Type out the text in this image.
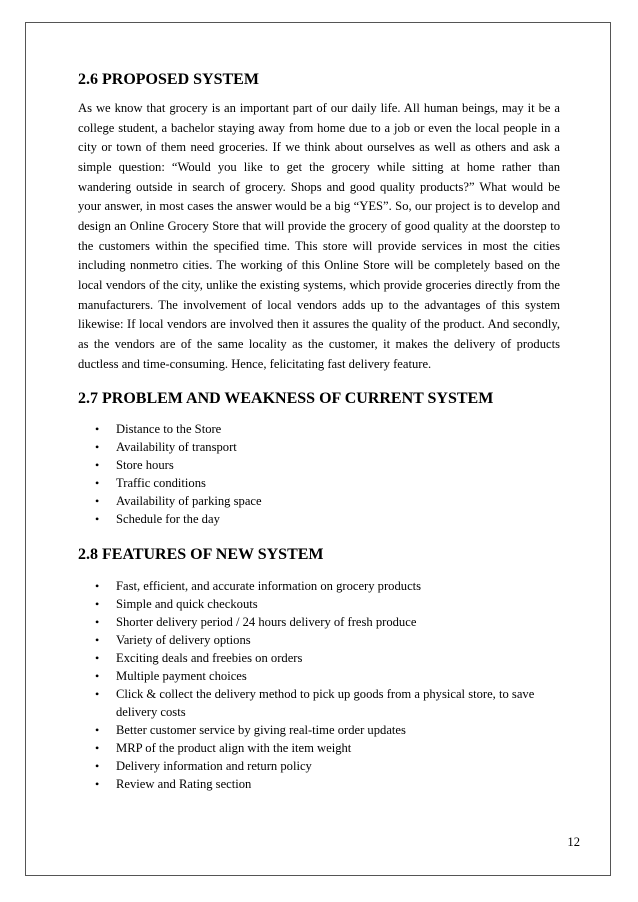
2.6 PROPOSED SYSTEM

As we know that grocery is an important part of our daily life. All human beings, may it be a college student, a bachelor staying away from home due to a job or even the local people in a city or town of them need groceries. If we think about ourselves as well as others and ask a simple question: “Would you like to get the grocery while sitting at home rather than wandering outside in search of grocery. Shops and good quality products?” What would be your answer, in most cases the answer would be a big “YES”. So, our project is to develop and design an Online Grocery Store that will provide the grocery of good quality at the doorstep to the customers within the specified time. This store will provide services in most the cities including nonmetro cities. The working of this Online Store will be completely based on the local vendors of the city, unlike the existing systems, which provide groceries directly from the manufacturers. The involvement of local vendors adds up to the advantages of this system likewise: If local vendors are involved then it assures the quality of the product. And secondly, as the vendors are of the same locality as the customer, it makes the delivery of products ductless and time-consuming. Hence, felicitating fast delivery feature.

2.7 PROBLEM AND WEAKNESS OF CURRENT SYSTEM
• Distance to the Store
• Availability of transport
• Store hours
• Traffic conditions
• Availability of parking space
• Schedule for the day
2.8 FEATURES OF NEW SYSTEM
• Fast, efficient, and accurate information on grocery products
• Simple and quick checkouts
• Shorter delivery period / 24 hours delivery of fresh produce
• Variety of delivery options
• Exciting deals and freebies on orders
• Multiple payment choices
• Click & collect the delivery method to pick up goods from a physical store, to save delivery costs
• Better customer service by giving real-time order updates
• MRP of the product align with the item weight
• Delivery information and return policy
• Review and Rating section
12
